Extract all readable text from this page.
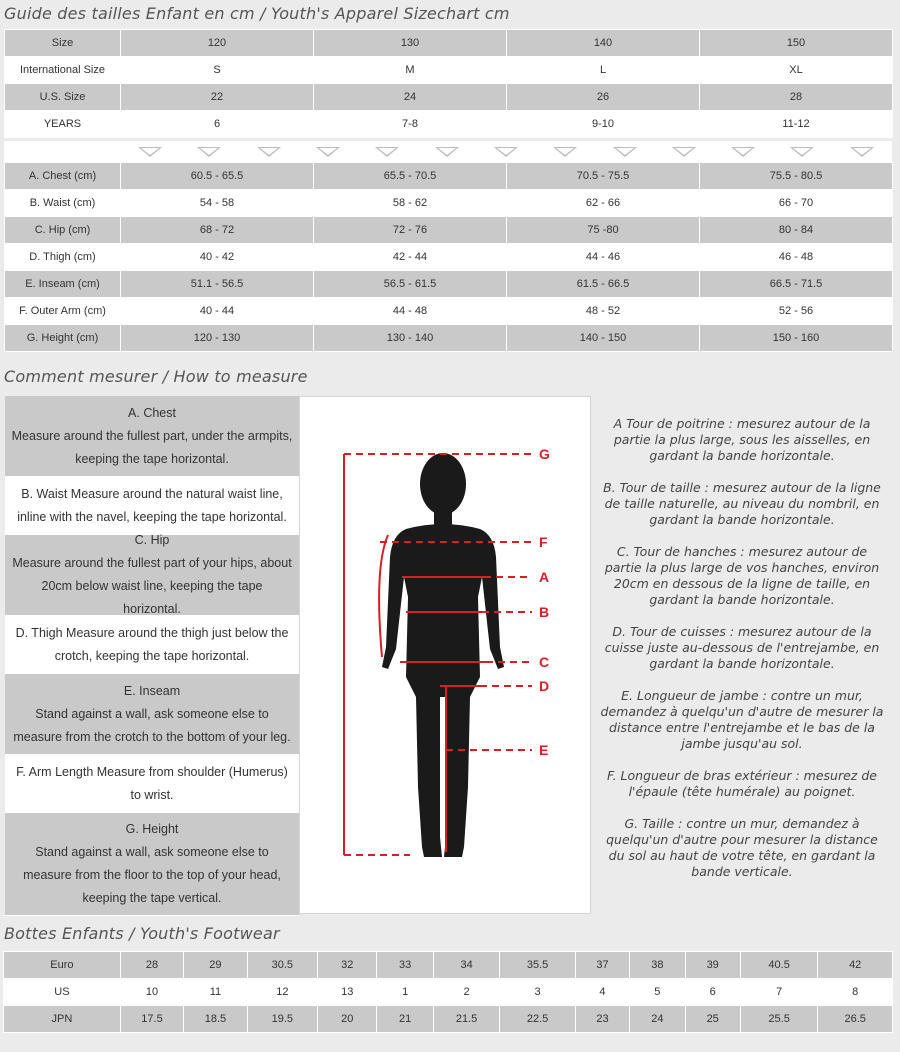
Guide des tailles Enfant en cm / Youth's Apparel Sizechart cm
Size	120	130	140	150
International Size	S	M	L	XL
U.S. Size	22	24	26	28
YEARS	6	7-8	9-10	11-12

A. Chest (cm)	60.5 - 65.5	65.5 - 70.5	70.5 - 75.5	75.5 - 80.5
B. Waist (cm)	54 - 58	58 - 62	62 - 66	66 - 70
C. Hip (cm)	68 - 72	72 - 76	75 -80	80 - 84
D. Thigh (cm)	40 - 42	42 - 44	44 - 46	46 - 48
E. Inseam (cm)	51.1 - 56.5	56.5 - 61.5	61.5 - 66.5	66.5 - 71.5
F. Outer Arm (cm)	40 - 44	44 - 48	48 - 52	52 - 56
G. Height (cm)	120 - 130	130 - 140	140 - 150	150 - 160
Comment mesurer / How to measure
A. Chest
Measure around the fullest part, under the armpits, keeping the tape horizontal.
B. Waist Measure around the natural waist line, inline with the navel, keeping the tape horizontal.
C. Hip
Measure around the fullest part of your hips, about 20cm below waist line, keeping the tape horizontal.
D. Thigh Measure around the thigh just below the crotch, keeping the tape horizontal.
E. Inseam
Stand against a wall, ask someone else to measure from the crotch to the bottom of your leg.
F. Arm Length Measure from shoulder (Humerus) to wrist.
G. Height
Stand against a wall, ask someone else to measure from the floor to the top of your head, keeping the tape vertical.
G
F
A
B
C
D
E

A Tour de poitrine : mesurez autour de la partie la plus large, sous les aisselles, en gardant la bande horizontale.

B. Tour de taille : mesurez autour de la ligne de taille naturelle, au niveau du nombril, en gardant la bande horizontale.

C. Tour de hanches : mesurez autour de partie la plus large de vos hanches, environ 20cm en dessous de la ligne de taille, en gardant la bande horizontale.

D. Tour de cuisses : mesurez autour de la cuisse juste au-dessous de l'entrejambe, en gardant la bande horizontale.

E. Longueur de jambe : contre un mur, demandez à quelqu'un d'autre de mesurer la distance entre l'entrejambe et le bas de la jambe jusqu'au sol.

F. Longueur de bras extérieur : mesurez de l'épaule (tête humérale) au poignet.

G. Taille : contre un mur, demandez à quelqu'un d'autre pour mesurer la distance du sol au haut de votre tête, en gardant la bande verticale.

Bottes Enfants / Youth's Footwear
Euro	28	29	30.5	32	33	34	35.5	37	38	39	40.5	42
US	10	11	12	13	1	2	3	4	5	6	7	8
JPN	17.5	18.5	19.5	20	21	21.5	22.5	23	24	25	25.5	26.5
